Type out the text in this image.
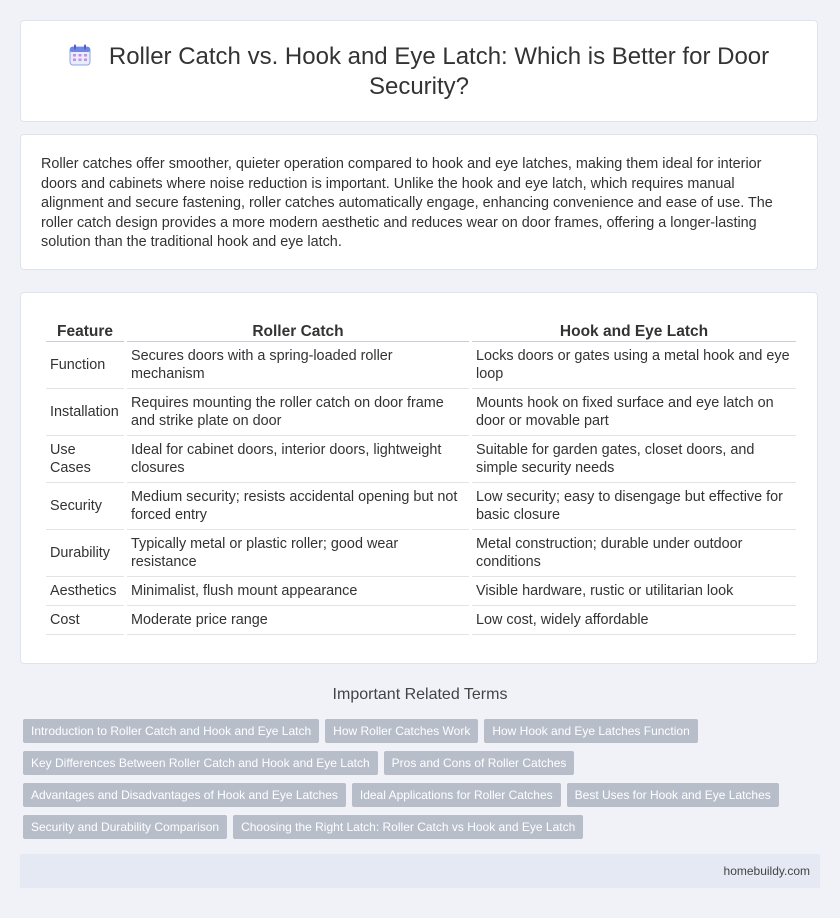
Roller Catch vs. Hook and Eye Latch: Which is Better for Door Security?

Roller catches offer smoother, quieter operation compared to hook and eye latches, making them ideal for interior doors and cabinets where noise reduction is important. Unlike the hook and eye latch, which requires manual alignment and secure fastening, roller catches automatically engage, enhancing convenience and ease of use. The roller catch design provides a more modern aesthetic and reduces wear on door frames, offering a longer-lasting solution than the traditional hook and eye latch.

Feature	Roller Catch	Hook and Eye Latch
Function	Secures doors with a spring-loaded roller mechanism	Locks doors or gates using a metal hook and eye loop
Installation	Requires mounting the roller catch on door frame and strike plate on door	Mounts hook on fixed surface and eye latch on door or movable part
Use Cases	Ideal for cabinet doors, interior doors, lightweight closures	Suitable for garden gates, closet doors, and simple security needs
Security	Medium security; resists accidental opening but not forced entry	Low security; easy to disengage but effective for basic closure
Durability	Typically metal or plastic roller; good wear resistance	Metal construction; durable under outdoor conditions
Aesthetics	Minimalist, flush mount appearance	Visible hardware, rustic or utilitarian look
Cost	Moderate price range	Low cost, widely affordable
Important Related Terms
Introduction to Roller Catch and Hook and Eye Latch How Roller Catches Work How Hook and Eye Latches Function
Key Differences Between Roller Catch and Hook and Eye Latch Pros and Cons of Roller Catches
Advantages and Disadvantages of Hook and Eye Latches Ideal Applications for Roller Catches Best Uses for Hook and Eye Latches
Security and Durability Comparison Choosing the Right Latch: Roller Catch vs Hook and Eye Latch
homebuildy.com
